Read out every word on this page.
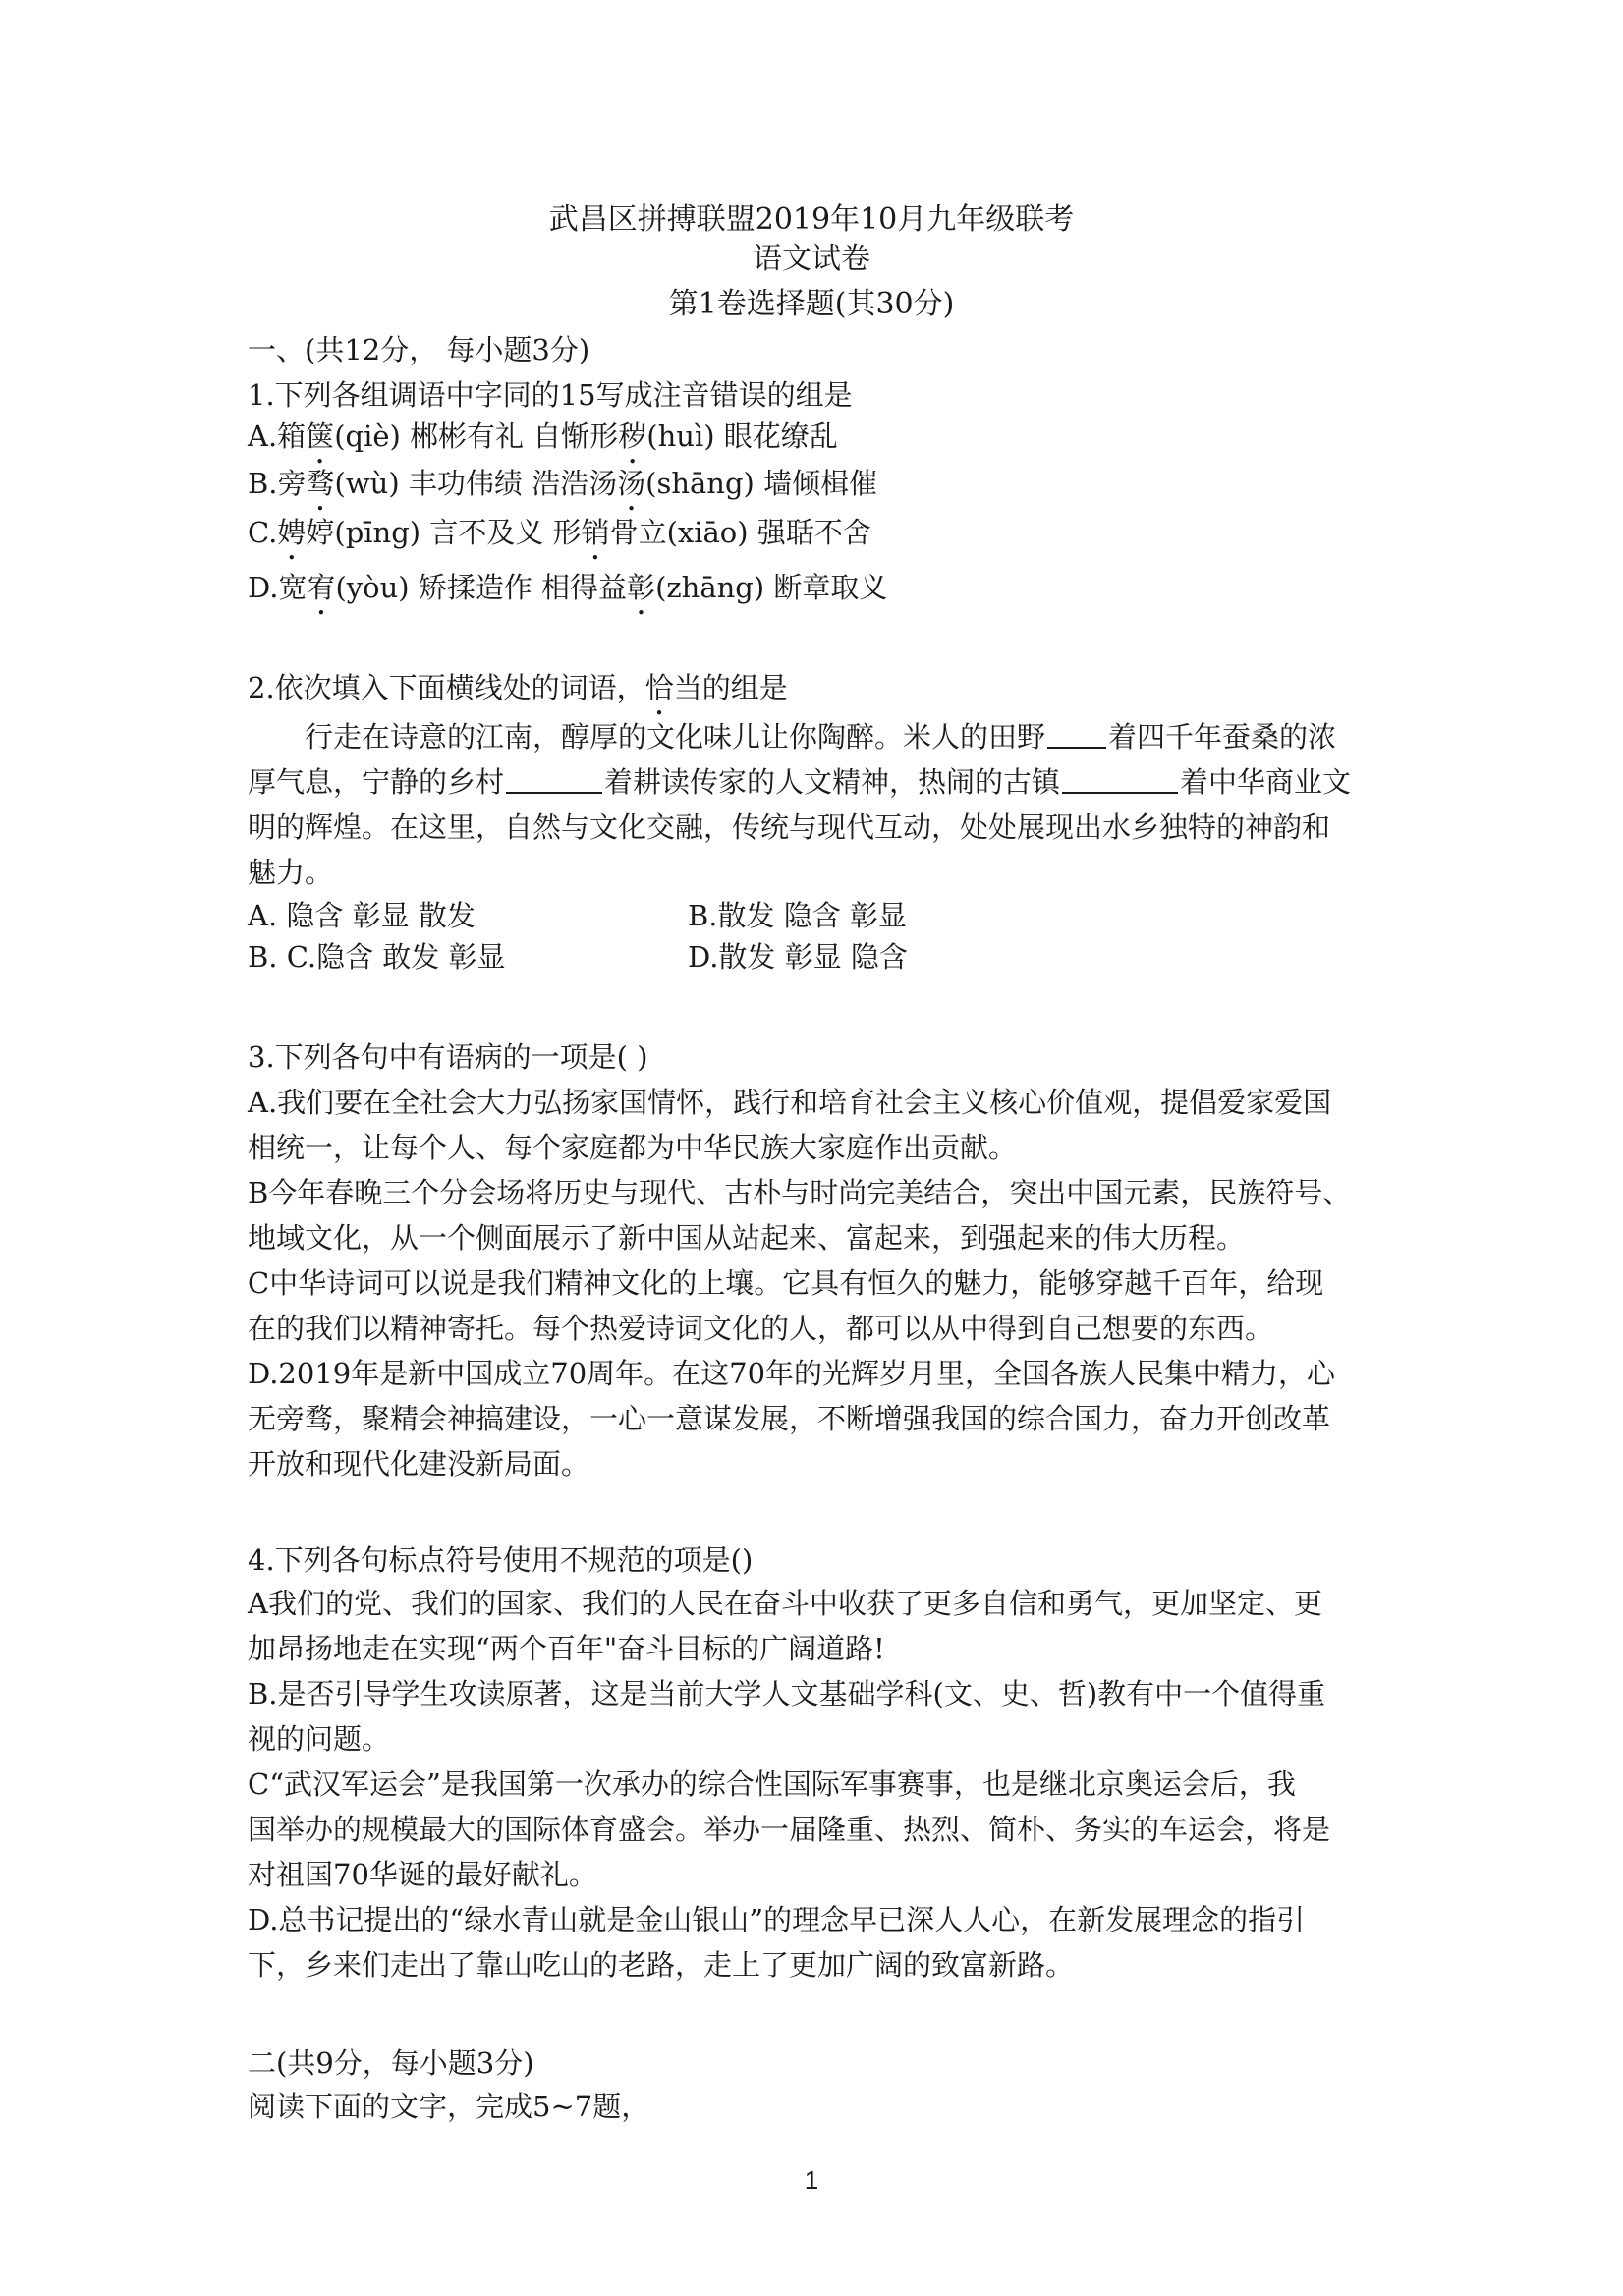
武昌区拼搏联盟2019年10月九年级联考
语文试卷
第1卷选择题(其30分)
一、(共12分， 每小题3分)
1.下列各组调语中字同的15写成注音错误的组是
A.箱箧(qiè) 郴彬有礼 自惭形秽(huì) 眼花缭乱
B.旁骛(wù) 丰功伟绩 浩浩汤汤(shāng) 墙倾楫催
C.娉婷(pīng) 言不及义 形销骨立(xiāo) 强聒不舍
D.宽宥(yòu) 矫揉造作 相得益彰(zhāng) 断章取义
2.依次填入下面横线处的词语，恰当的组是
行走在诗意的江南，醇厚的文化味儿让你陶醉。米人的田野 着四千年蚕桑的浓
厚气息，宁静的乡村	着耕读传家的人文精神，热闹的古镇	着中华商业文
明的辉煌。在这里，自然与文化交融，传统与现代互动，处处展现出水乡独特的神韵和
魅力。
A. 隐含 彰显 散发	B.散发 隐含 彰显
B. C.隐含 敢发 彰显	D.散发 彰显 隐含
3.下列各句中有语病的一项是( )
A.我们要在全社会大力弘扬家国情怀，践行和培育社会主义核心价值观，提倡爱家爱国
相统一，让每个人、每个家庭都为中华民族大家庭作出贡献。
B今年春晚三个分会场将历史与现代、古朴与时尚完美结合，突出中国元素，民族符号、
地域文化，从一个侧面展示了新中国从站起来、富起来，到强起来的伟大历程。
C中华诗词可以说是我们精神文化的上壤。它具有恒久的魅力，能够穿越千百年，给现
在的我们以精神寄托。每个热爱诗词文化的人，都可以从中得到自己想要的东西。
D.2019年是新中国成立70周年。在这70年的光辉岁月里，全国各族人民集中精力，心
无旁骛，聚精会神搞建设，一心一意谋发展，不断增强我国的综合国力，奋力开创改革
开放和现代化建没新局面。
4.下列各句标点符号使用不规范的项是()
A我们的党、我们的国家、我们的人民在奋斗中收获了更多自信和勇气，更加坚定、更
加昂扬地走在实现“两个百年"奋斗目标的广阔道路!
B.是否引导学生攻读原著，这是当前大学人文基础学科(文、史、哲)教有中一个值得重
视的问题。
C“武汉军运会”是我国第一次承办的综合性国际军事赛事，也是继北京奥运会后，我
国举办的规模最大的国际体育盛会。举办一届隆重、热烈、简朴、务实的车运会，将是
对祖国70华诞的最好献礼。
D.总书记提出的“绿水青山就是金山银山”的理念早已深人人心，在新发展理念的指引
下，乡来们走出了靠山吃山的老路，走上了更加广阔的致富新路。
二(共9分，每小题3分)
阅读下面的文字，完成5~7题，
1
